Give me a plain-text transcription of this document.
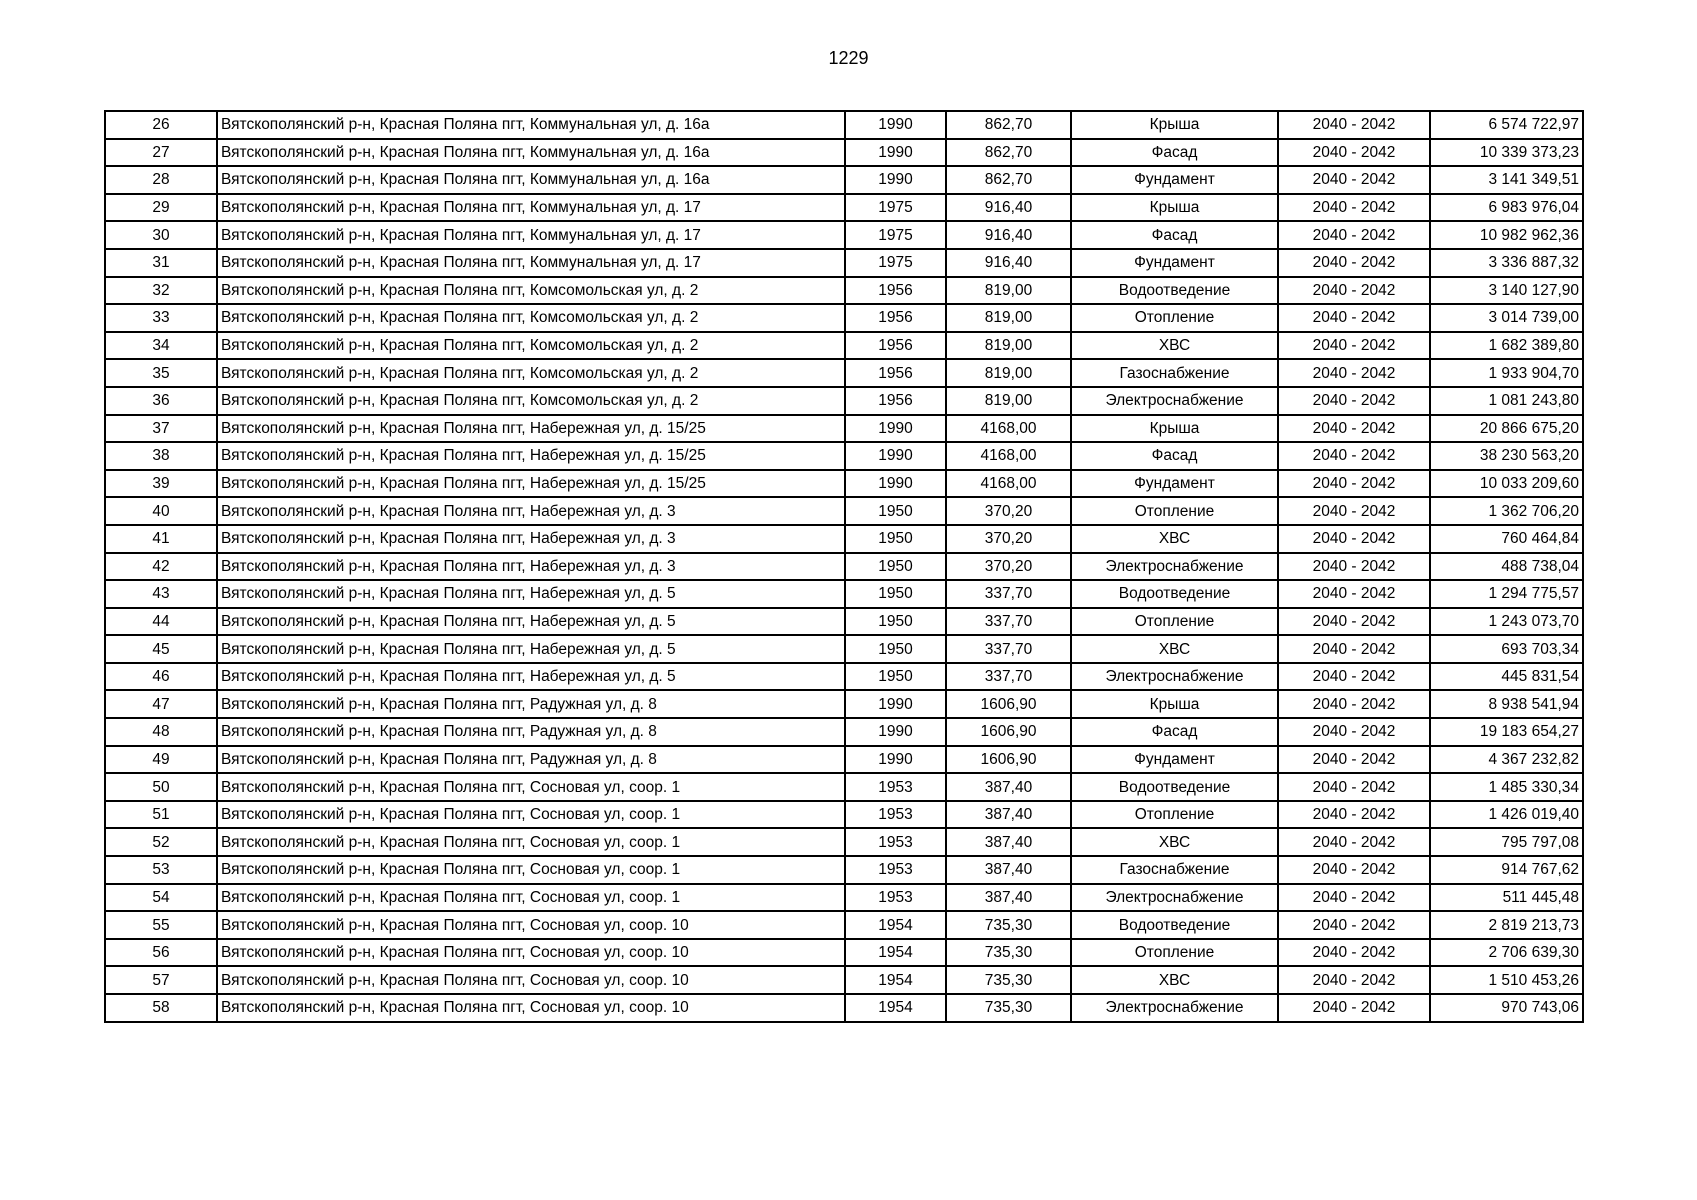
1229
26	Вятскополянский р-н, Красная Поляна пгт, Коммунальная ул, д. 16а	1990	862,70	Крыша	2040 - 2042	6 574 722,97
27	Вятскополянский р-н, Красная Поляна пгт, Коммунальная ул, д. 16а	1990	862,70	Фасад	2040 - 2042	10 339 373,23
28	Вятскополянский р-н, Красная Поляна пгт, Коммунальная ул, д. 16а	1990	862,70	Фундамент	2040 - 2042	3 141 349,51
29	Вятскополянский р-н, Красная Поляна пгт, Коммунальная ул, д. 17	1975	916,40	Крыша	2040 - 2042	6 983 976,04
30	Вятскополянский р-н, Красная Поляна пгт, Коммунальная ул, д. 17	1975	916,40	Фасад	2040 - 2042	10 982 962,36
31	Вятскополянский р-н, Красная Поляна пгт, Коммунальная ул, д. 17	1975	916,40	Фундамент	2040 - 2042	3 336 887,32
32	Вятскополянский р-н, Красная Поляна пгт, Комсомольская ул, д. 2	1956	819,00	Водоотведение	2040 - 2042	3 140 127,90
33	Вятскополянский р-н, Красная Поляна пгт, Комсомольская ул, д. 2	1956	819,00	Отопление	2040 - 2042	3 014 739,00
34	Вятскополянский р-н, Красная Поляна пгт, Комсомольская ул, д. 2	1956	819,00	ХВС	2040 - 2042	1 682 389,80
35	Вятскополянский р-н, Красная Поляна пгт, Комсомольская ул, д. 2	1956	819,00	Газоснабжение	2040 - 2042	1 933 904,70
36	Вятскополянский р-н, Красная Поляна пгт, Комсомольская ул, д. 2	1956	819,00	Электроснабжение	2040 - 2042	1 081 243,80
37	Вятскополянский р-н, Красная Поляна пгт, Набережная ул, д. 15/25	1990	4168,00	Крыша	2040 - 2042	20 866 675,20
38	Вятскополянский р-н, Красная Поляна пгт, Набережная ул, д. 15/25	1990	4168,00	Фасад	2040 - 2042	38 230 563,20
39	Вятскополянский р-н, Красная Поляна пгт, Набережная ул, д. 15/25	1990	4168,00	Фундамент	2040 - 2042	10 033 209,60
40	Вятскополянский р-н, Красная Поляна пгт, Набережная ул, д. 3	1950	370,20	Отопление	2040 - 2042	1 362 706,20
41	Вятскополянский р-н, Красная Поляна пгт, Набережная ул, д. 3	1950	370,20	ХВС	2040 - 2042	760 464,84
42	Вятскополянский р-н, Красная Поляна пгт, Набережная ул, д. 3	1950	370,20	Электроснабжение	2040 - 2042	488 738,04
43	Вятскополянский р-н, Красная Поляна пгт, Набережная ул, д. 5	1950	337,70	Водоотведение	2040 - 2042	1 294 775,57
44	Вятскополянский р-н, Красная Поляна пгт, Набережная ул, д. 5	1950	337,70	Отопление	2040 - 2042	1 243 073,70
45	Вятскополянский р-н, Красная Поляна пгт, Набережная ул, д. 5	1950	337,70	ХВС	2040 - 2042	693 703,34
46	Вятскополянский р-н, Красная Поляна пгт, Набережная ул, д. 5	1950	337,70	Электроснабжение	2040 - 2042	445 831,54
47	Вятскополянский р-н, Красная Поляна пгт, Радужная ул, д. 8	1990	1606,90	Крыша	2040 - 2042	8 938 541,94
48	Вятскополянский р-н, Красная Поляна пгт, Радужная ул, д. 8	1990	1606,90	Фасад	2040 - 2042	19 183 654,27
49	Вятскополянский р-н, Красная Поляна пгт, Радужная ул, д. 8	1990	1606,90	Фундамент	2040 - 2042	4 367 232,82
50	Вятскополянский р-н, Красная Поляна пгт, Сосновая ул, соор. 1	1953	387,40	Водоотведение	2040 - 2042	1 485 330,34
51	Вятскополянский р-н, Красная Поляна пгт, Сосновая ул, соор. 1	1953	387,40	Отопление	2040 - 2042	1 426 019,40
52	Вятскополянский р-н, Красная Поляна пгт, Сосновая ул, соор. 1	1953	387,40	ХВС	2040 - 2042	795 797,08
53	Вятскополянский р-н, Красная Поляна пгт, Сосновая ул, соор. 1	1953	387,40	Газоснабжение	2040 - 2042	914 767,62
54	Вятскополянский р-н, Красная Поляна пгт, Сосновая ул, соор. 1	1953	387,40	Электроснабжение	2040 - 2042	511 445,48
55	Вятскополянский р-н, Красная Поляна пгт, Сосновая ул, соор. 10	1954	735,30	Водоотведение	2040 - 2042	2 819 213,73
56	Вятскополянский р-н, Красная Поляна пгт, Сосновая ул, соор. 10	1954	735,30	Отопление	2040 - 2042	2 706 639,30
57	Вятскополянский р-н, Красная Поляна пгт, Сосновая ул, соор. 10	1954	735,30	ХВС	2040 - 2042	1 510 453,26
58	Вятскополянский р-н, Красная Поляна пгт, Сосновая ул, соор. 10	1954	735,30	Электроснабжение	2040 - 2042	970 743,06
